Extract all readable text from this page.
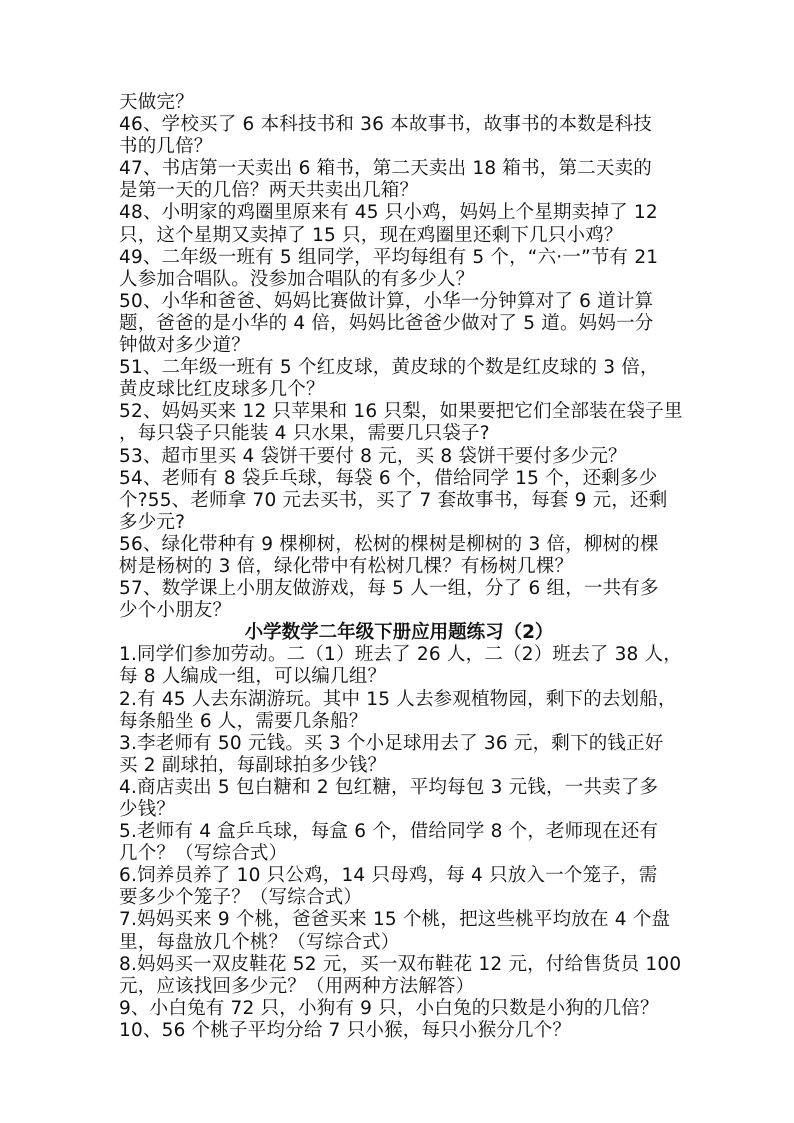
天做完？
46、学校买了 6 本科技书和 36 本故事书，故事书的本数是科技
书的几倍？
47、书店第一天卖出 6 箱书，第二天卖出 18 箱书，第二天卖的
是第一天的几倍？两天共卖出几箱？
48、小明家的鸡圈里原来有 45 只小鸡，妈妈上个星期卖掉了 12
只，这个星期又卖掉了 15 只，现在鸡圈里还剩下几只小鸡？
49、二年级一班有 5 组同学，平均每组有 5 个，“六·一”节有 21
人参加合唱队。没参加合唱队的有多少人？
50、小华和爸爸、妈妈比赛做计算，小华一分钟算对了 6 道计算
题，爸爸的是小华的 4 倍，妈妈比爸爸少做对了 5 道。妈妈一分
钟做对多少道？
51、二年级一班有 5 个红皮球，黄皮球的个数是红皮球的 3 倍，
黄皮球比红皮球多几个？
52、妈妈买来 12 只苹果和 16 只梨，如果要把它们全部装在袋子里
，每只袋子只能装 4 只水果，需要几只袋子?
53、超市里买 4 袋饼干要付 8 元，买 8 袋饼干要付多少元？
54、老师有 8 袋乒乓球，每袋 6 个，借给同学 15 个，还剩多少
个?55、老师拿 70 元去买书，买了 7 套故事书，每套 9 元，还剩
多少元?
56、绿化带种有 9 棵柳树，松树的棵树是柳树的 3 倍，柳树的棵
树是杨树的 3 倍，绿化带中有松树几棵？有杨树几棵？
57、数学课上小朋友做游戏，每 5 人一组，分了 6 组，一共有多
少个小朋友？
小学数学二年级下册应用题练习（2）
1.同学们参加劳动。二（1）班去了 26 人，二（2）班去了 38 人，
每 8 人编成一组，可以编几组？
2.有 45 人去东湖游玩。其中 15 人去参观植物园，剩下的去划船，
每条船坐 6 人，需要几条船？
3.李老师有 50 元钱。买 3 个小足球用去了 36 元，剩下的钱正好
买 2 副球拍，每副球拍多少钱？
4.商店卖出 5 包白糖和 2 包红糖，平均每包 3 元钱，一共卖了多
少钱？
5.老师有 4 盒乒乓球，每盒 6 个，借给同学 8 个，老师现在还有
几个？（写综合式）
6.饲养员养了 10 只公鸡，14 只母鸡，每 4 只放入一个笼子，需
要多少个笼子？（写综合式）
7.妈妈买来 9 个桃，爸爸买来 15 个桃，把这些桃平均放在 4 个盘
里，每盘放几个桃？（写综合式）
8.妈妈买一双皮鞋花 52 元，买一双布鞋花 12 元，付给售货员 100
元，应该找回多少元？（用两种方法解答）
9、小白兔有 72 只，小狗有 9 只，小白兔的只数是小狗的几倍？
10、56 个桃子平均分给 7 只小猴，每只小猴分几个？
